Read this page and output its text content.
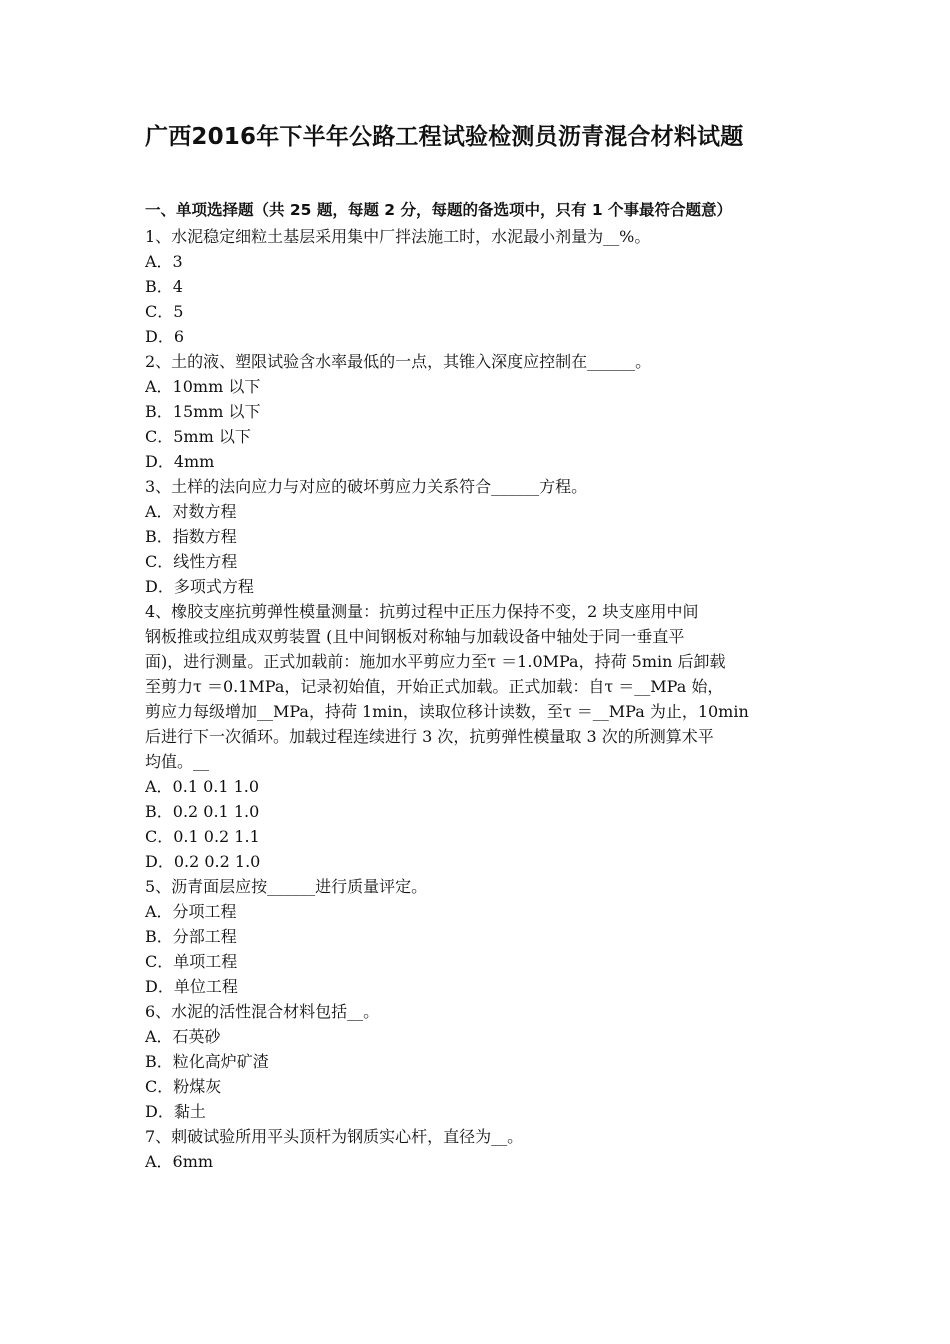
广西2016年下半年公路工程试验检测员沥青混合材料试题
一、单项选择题（共 25 题，每题 2 分，每题的备选项中，只有 1 个事最符合题意）
1、水泥稳定细粒土基层采用集中厂拌法施工时，水泥最小剂量为__%。
A．3
B．4
C．5
D．6
2、土的液、塑限试验含水率最低的一点，其锥入深度应控制在______。
A．10mm 以下
B．15mm 以下
C．5mm 以下
D．4mm
3、土样的法向应力与对应的破坏剪应力关系符合______方程。
A．对数方程
B．指数方程
C．线性方程
D．多项式方程
4、橡胶支座抗剪弹性模量测量：抗剪过程中正压力保持不变，2 块支座用中间
钢板推或拉组成双剪装置 (且中间钢板对称轴与加载设备中轴处于同一垂直平
面)，进行测量。正式加载前：施加水平剪应力至τ ＝1.0MPa，持荷 5min 后卸载
至剪力τ ＝0.1MPa，记录初始值，开始正式加载。正式加载：自τ ＝__MPa 始，
剪应力每级增加__MPa，持荷 1min，读取位移计读数，至τ ＝__MPa 为止，10min
后进行下一次循环。加载过程连续进行 3 次，抗剪弹性模量取 3 次的所测算术平
均值。__
A．0.1 0.1 1.0
B．0.2 0.1 1.0
C．0.1 0.2 1.1
D．0.2 0.2 1.0
5、沥青面层应按______进行质量评定。
A．分项工程
B．分部工程
C．单项工程
D．单位工程
6、水泥的活性混合材料包括__。
A．石英砂
B．粒化高炉矿渣
C．粉煤灰
D．黏土
7、刺破试验所用平头顶杆为钢质实心杆，直径为__。
A．6mm
